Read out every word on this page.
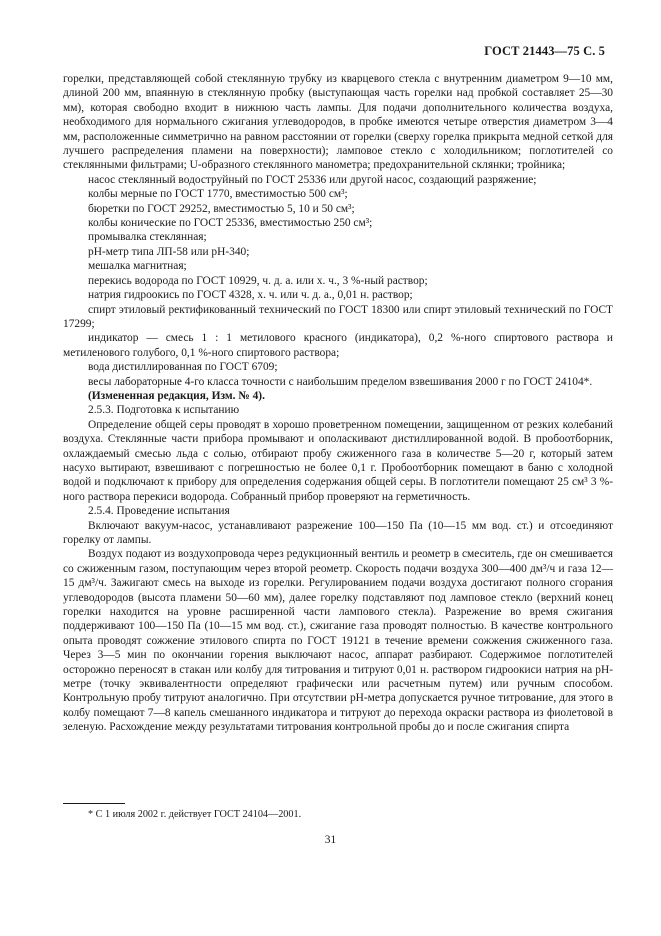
ГОСТ 21443—75 С. 5

горелки, представляющей собой стеклянную трубку из кварцевого стекла с внутренним диаметром 9—10 мм, длиной 200 мм, впаянную в стеклянную пробку (выступающая часть горелки над пробкой составляет 25—30 мм), которая свободно входит в нижнюю часть лампы. Для подачи дополнительного количества воздуха, необходимого для нормального сжигания углеводородов, в пробке имеются четыре отверстия диаметром 3—4 мм, расположенные симметрично на равном расстоянии от горелки (сверху горелка прикрыта медной сеткой для лучшего распределения пламени на поверхности); ламповое стекло с холодильником; поглотителей со стеклянными фильтрами; U-образного стеклянного манометра; предохранительной склянки; тройника;

насос стеклянный водоструйный по ГОСТ 25336 или другой насос, создающий разряжение;

колбы мерные по ГОСТ 1770, вместимостью 500 см³;

бюретки по ГОСТ 29252, вместимостью 5, 10 и 50 см³;

колбы конические по ГОСТ 25336, вместимостью 250 см³;

промывалка стеклянная;

рН-метр типа ЛП-58 или рН-340;

мешалка магнитная;

перекись водорода по ГОСТ 10929, ч. д. а. или х. ч., 3 %-ный раствор;

натрия гидроокись по ГОСТ 4328, х. ч. или ч. д. а., 0,01 н. раствор;

спирт этиловый ректификованный технический по ГОСТ 18300 или спирт этиловый технический по ГОСТ 17299;

индикатор — смесь 1 : 1 метилового красного (индикатора), 0,2 %-ного спиртового раствора и метиленового голубого, 0,1 %-ного спиртового раствора;

вода дистиллированная по ГОСТ 6709;

весы лабораторные 4-го класса точности с наибольшим пределом взвешивания 2000 г по ГОСТ 24104*.

(Измененная редакция, Изм. № 4).

2.5.3. Подготовка к испытанию

Определение общей серы проводят в хорошо проветренном помещении, защищенном от резких колебаний воздуха. Стеклянные части прибора промывают и ополаскивают дистиллированной водой. В пробоотборник, охлаждаемый смесью льда с солью, отбирают пробу сжиженного газа в количестве 5—20 г, который затем насухо вытирают, взвешивают с погрешностью не более 0,1 г. Пробоотборник помещают в баню с холодной водой и подключают к прибору для определения содержания общей серы. В поглотители помещают 25 см³ 3 %-ного раствора перекиси водорода. Собранный прибор проверяют на герметичность.

2.5.4. Проведение испытания

Включают вакуум-насос, устанавливают разрежение 100—150 Па (10—15 мм вод. ст.) и отсоединяют горелку от лампы.

Воздух подают из воздухопровода через редукционный вентиль и реометр в смеситель, где он смешивается со сжиженным газом, поступающим через второй реометр. Скорость подачи воздуха 300—400 дм³/ч и газа 12—15 дм³/ч. Зажигают смесь на выходе из горелки. Регулированием подачи воздуха достигают полного сгорания углеводородов (высота пламени 50—60 мм), далее горелку подставляют под ламповое стекло (верхний конец горелки находится на уровне расширенной части лампового стекла). Разрежение во время сжигания поддерживают 100—150 Па (10—15 мм вод. ст.), сжигание газа проводят полностью. В качестве контрольного опыта проводят сожжение этилового спирта по ГОСТ 19121 в течение времени сожжения сжиженного газа. Через 3—5 мин по окончании горения выключают насос, аппарат разбирают. Содержимое поглотителей осторожно переносят в стакан или колбу для титрования и титруют 0,01 н. раствором гидроокиси натрия на рН-метре (точку эквивалентности определяют графически или расчетным путем) или ручным способом. Контрольную пробу титруют аналогично. При отсутствии рН-метра допускается ручное титрование, для этого в колбу помещают 7—8 капель смешанного индикатора и титруют до перехода окраски раствора из фиолетовой в зеленую. Расхождение между результатами титрования контрольной пробы до и после сжигания спирта

* С 1 июля 2002 г. действует ГОСТ 24104—2001.
31
